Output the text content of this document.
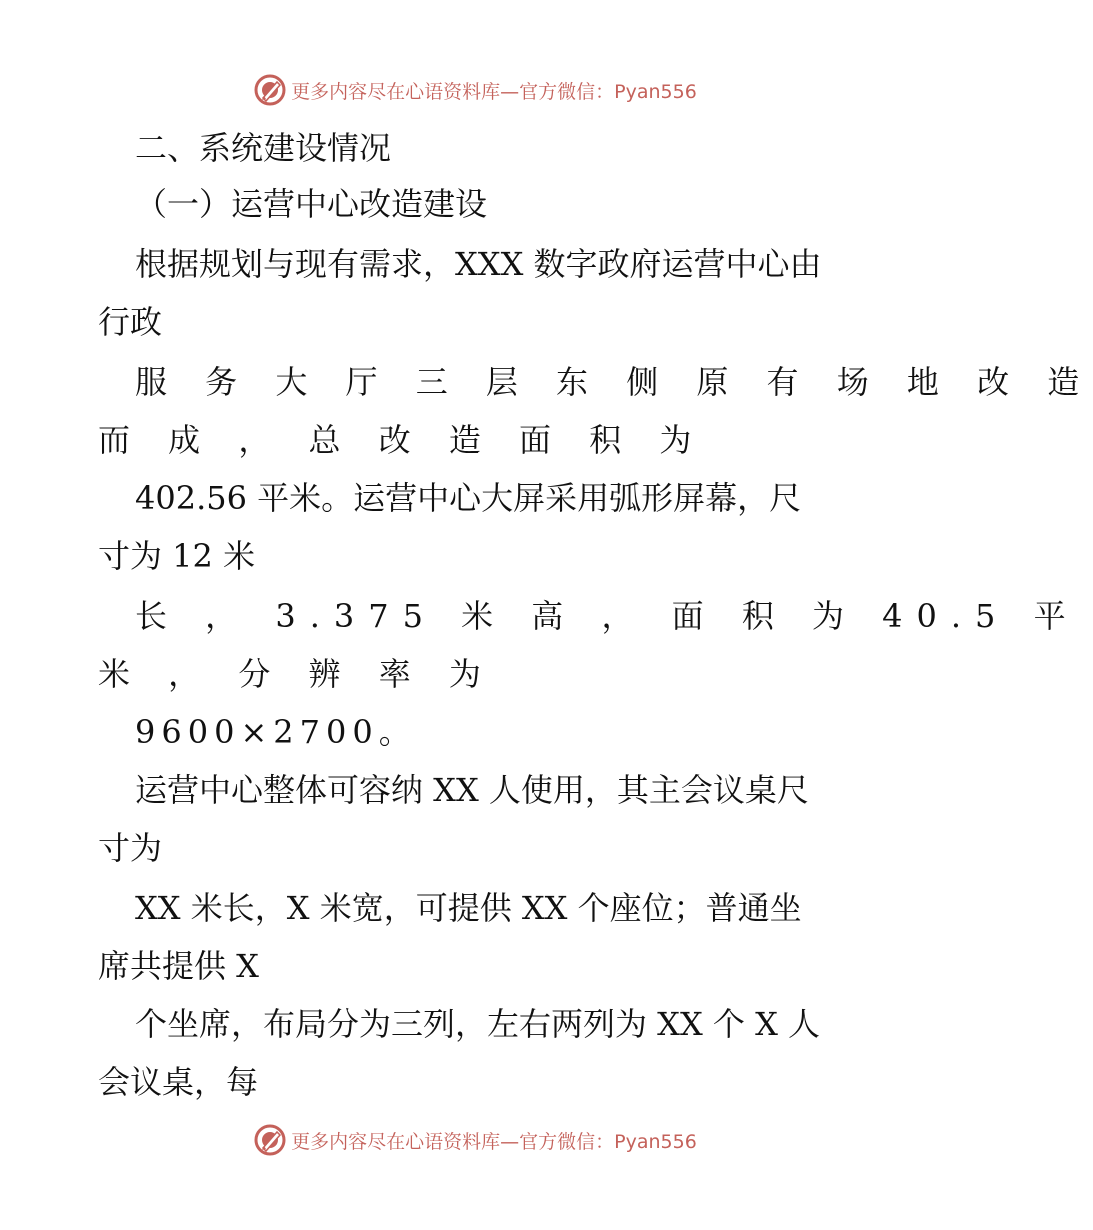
更多内容尽在心语资料库—官方微信：Pyan556
二、系统建设情况
（一）运营中心改造建设
根据规划与现有需求，XXX 数字政府运营中心由
行政
服 务 大 厅 三 层 东 侧 原 有 场 地 改 造
而 成 ， 总 改 造 面 积 为
402.56 平米。运营中心大屏采用弧形屏幕，尺
寸为 12 米
长 ， 3.375 米 高 ， 面 积 为 40.5 平
米 ， 分 辨 率 为
9600×2700。
运营中心整体可容纳 XX 人使用，其主会议桌尺
寸为
XX 米长，X 米宽，可提供 XX 个座位；普通坐
席共提供 X
个坐席，布局分为三列，左右两列为 XX 个 X 人
会议桌，每
更多内容尽在心语资料库—官方微信：Pyan556
